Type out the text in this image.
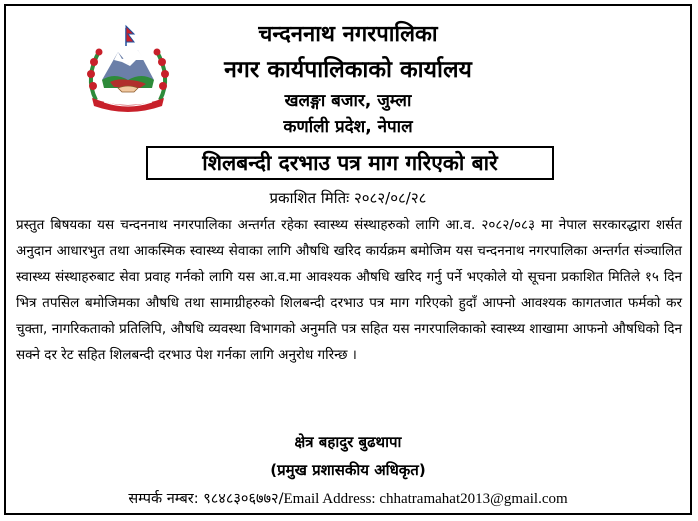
चन्दननाथ नगरपालिका
नगर कार्यपालिकाको कार्यालय
खलङ्गा बजार, जुम्ला
कर्णाली प्रदेश, नेपाल
शिलबन्दी दरभाउ पत्र माग गरिएको बारे
प्रकाशित मितिः २०८२/०८/२८

प्रस्तुत बिषयका यस चन्दननाथ नगरपालिका अन्तर्गत रहेका स्वास्थ्य संस्थाहरुको लागि आ.व. २०८२/०८३ मा नेपाल सरकारद्धारा शर्सत अनुदान आधारभुत तथा आकस्मिक स्वास्थ्य सेवाका लागि औषधि खरिद कार्यक्रम बमोजिम यस चन्दननाथ नगरपालिका अन्तर्गत संञ्चालित स्वास्थ्य संस्थाहरुबाट सेवा प्रवाह गर्नको लागि यस आ.व.मा आवश्यक औषधि खरिद गर्नु पर्ने भएकोले यो सूचना प्रकाशित मितिले १५ दिन भित्र तपसिल बमोजिमका औषधि तथा सामाग्रीहरुको शिलबन्दी दरभाउ पत्र माग गरिएको हुदाँ आफ्नो आवश्यक कागतजात फर्मको कर चुक्ता, नागरिकताको प्रतिलिपि, औषधि व्यवस्था विभागको अनुमति पत्र सहित यस नगरपालिकाको स्वास्थ्य शाखामा आफनो औषधिको दिन सक्ने दर रेट सहित शिलबन्दी दरभाउ पेश गर्नका लागि अनुरोध गरिन्छ ।

क्षेत्र बहादुर बुढथापा
(प्रमुख प्रशासकीय अधिकृत)
सम्पर्क नम्बर: ९८४८३०६७७२/Email Address: chhatramahat2013@gmail.com
